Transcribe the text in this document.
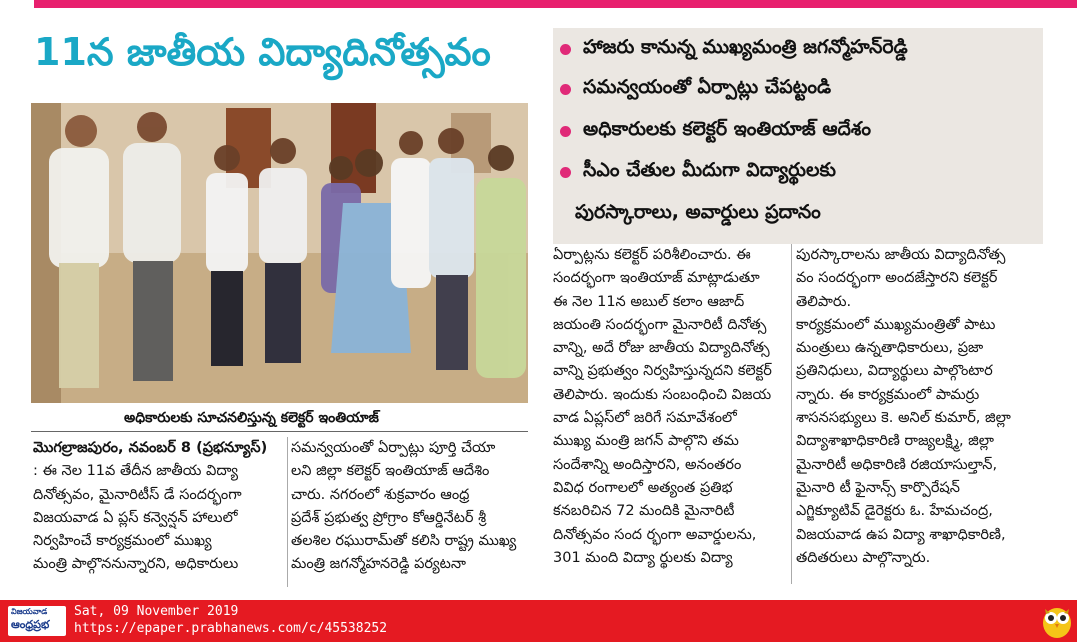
11న జాతీయ విద్యాదినోత్సవం	హాజరు కానున్న ముఖ్యమంత్రి జగన్మోహన్‌రెడ్డి
సమన్వయంతో ఏర్పాట్లు చేపట్టండి
అధికారులకు కలెక్టర్‌ ఇంతియాజ్‌ ఆదేశం
సీఎం చేతుల మీదుగా విద్యార్థులకు
పురస్కారాలు, అవార్డులు ప్రదానం
అధికారులకు సూచనలిస్తున్న కలెక్టర్‌ ఇంతియాజ్‌
మొగల్రాజపురం, నవంబర్‌ 8 (ప్రభన్యూస్‌)
: ఈ నెల 11వ తేదీన జాతీయ విద్యా
దినోత్సవం, మైనారిటీస్‌ డే సందర్భంగా
విజయవాడ ఏ ప్లస్‌ కన్వెన్షన్‌ హాలులో
నిర్వహించే కార్యక్రమంలో ముఖ్య
మంత్రి పాల్గొననున్నారని, అధికారులు
సమన్వయంతో ఏర్పాట్లు పూర్తి చేయా
లని జిల్లా కలెక్టర్‌ ఇంతియాజ్‌ ఆదేశిం
చారు. నగరంలో శుక్రవారం ఆంధ్ర
ప్రదేశ్‌ ప్రభుత్వ ప్రోగ్రాం కోఆర్డినేటర్‌ శ్రీ
తలశిల రఘురామ్‌తో కలిసి రాష్ట్ర ముఖ్య
మంత్రి జగన్మోహనరెడ్డి పర్యటనా
ఏర్పాట్లను కలెక్టర్‌ పరిశీలించారు. ఈ
సందర్భంగా ఇంతియాజ్‌ మాట్లాడుతూ
ఈ నెల 11న అబుల్‌ కలాం ఆజాద్‌
జయంతి సందర్భంగా మైనారిటీ దినోత్స
వాన్ని, అదే రోజు జాతీయ విద్యాదినోత్స
వాన్ని ప్రభుత్వం నిర్వహిస్తున్నదని కలెక్టర్‌
తెలిపారు. ఇందుకు సంబంధించి విజయ
వాడ ఏప్లస్‌లో జరిగే సమావేశంలో
ముఖ్య మంత్రి జగన్‌ పాల్గొని తమ
సందేశాన్ని అందిస్తారని, అనంతరం
వివిధ రంగాలలో అత్యంత ప్రతిభ
కనబరిచిన 72 మందికి మైనారిటీ
దినోత్సవం సంద ర్భంగా అవార్డులను,
301 మంది విద్యా ర్థులకు విద్యా
పురస్కారాలను జాతీయ విద్యాదినోత్స
వం సందర్భంగా అందజేస్తారని కలెక్టర్‌
తెలిపారు.
కార్యక్రమంలో ముఖ్యమంత్రితో పాటు
మంత్రులు ఉన్నతాధికారులు, ప్రజా
ప్రతినిధులు, విద్యార్థులు పాల్గొంటార
న్నారు. ఈ కార్యక్రమంలో పామర్రు
శాసనసభ్యులు కె. అనిల్‌ కుమార్‌, జిల్లా
విద్యాశాఖాధికారిణి రాజ్యలక్ష్మి, జిల్లా
మైనారిటీ అధికారిణి రజియాసుల్తాన్‌,
మైనారి టీ ఫైనాన్స్‌ కార్పొరేషన్‌
ఎగ్జిక్యూటివ్‌ డైరెక్టరు ఓ. హేమచంద్ర,
విజయవాడ ఉప విద్యా శాఖాధికారిణి,
తదితరులు పాల్గొన్నారు.
విజయవాడ
ఆంధ్రప్రభ
Sat, 09 November 2019
https://epaper.prabhanews.com/c/45538252
